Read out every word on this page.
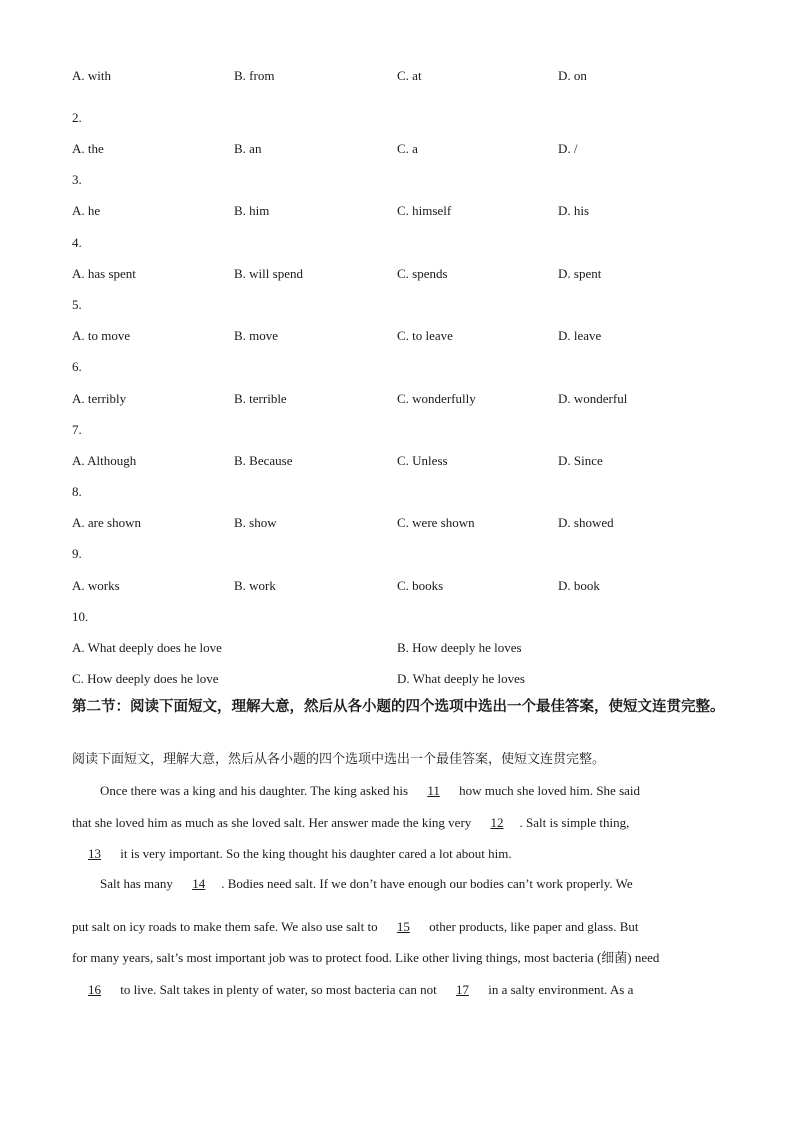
A. with	B. from	C. at	D. on
2.
A. the	B. an	C. a	D. /
3.
A. he	B. him	C. himself	D. his
4.
A. has spent	B. will spend	C. spends	D. spent
5.
A. to move	B. move	C. to leave	D. leave
6.
A. terribly	B. terrible	C. wonderfully	D. wonderful
7.
A. Although	B. Because	C. Unless	D. Since
8.
A. are shown	B. show	C. were shown	D. showed
9.
A. works	B. work	C. books	D. book
10.
A. What deeply does he love	B. How deeply he loves
C. How deeply does he love	D. What deeply he loves
第二节：阅读下面短文，理解大意，然后从各小题的四个选项中选出一个最佳答案，使短文连贯完整。
阅读下面短文，理解大意，然后从各小题的四个选项中选出一个最佳答案，使短文连贯完整。
Once there was a king and his daughter. The king asked his 11 how much she loved him. She said
that she loved him as much as she loved salt. Her answer made the king very 12 . Salt is simple thing,
13 it is very important. So the king thought his daughter cared a lot about him.
Salt has many 14 . Bodies need salt. If we don’t have enough our bodies can’t work properly. We
put salt on icy roads to make them safe. We also use salt to 15 other products, like paper and glass. But
for many years, salt’s most important job was to protect food. Like other living things, most bacteria (细菌) need
16 to live. Salt takes in plenty of water, so most bacteria can not 17 in a salty environment. As a
